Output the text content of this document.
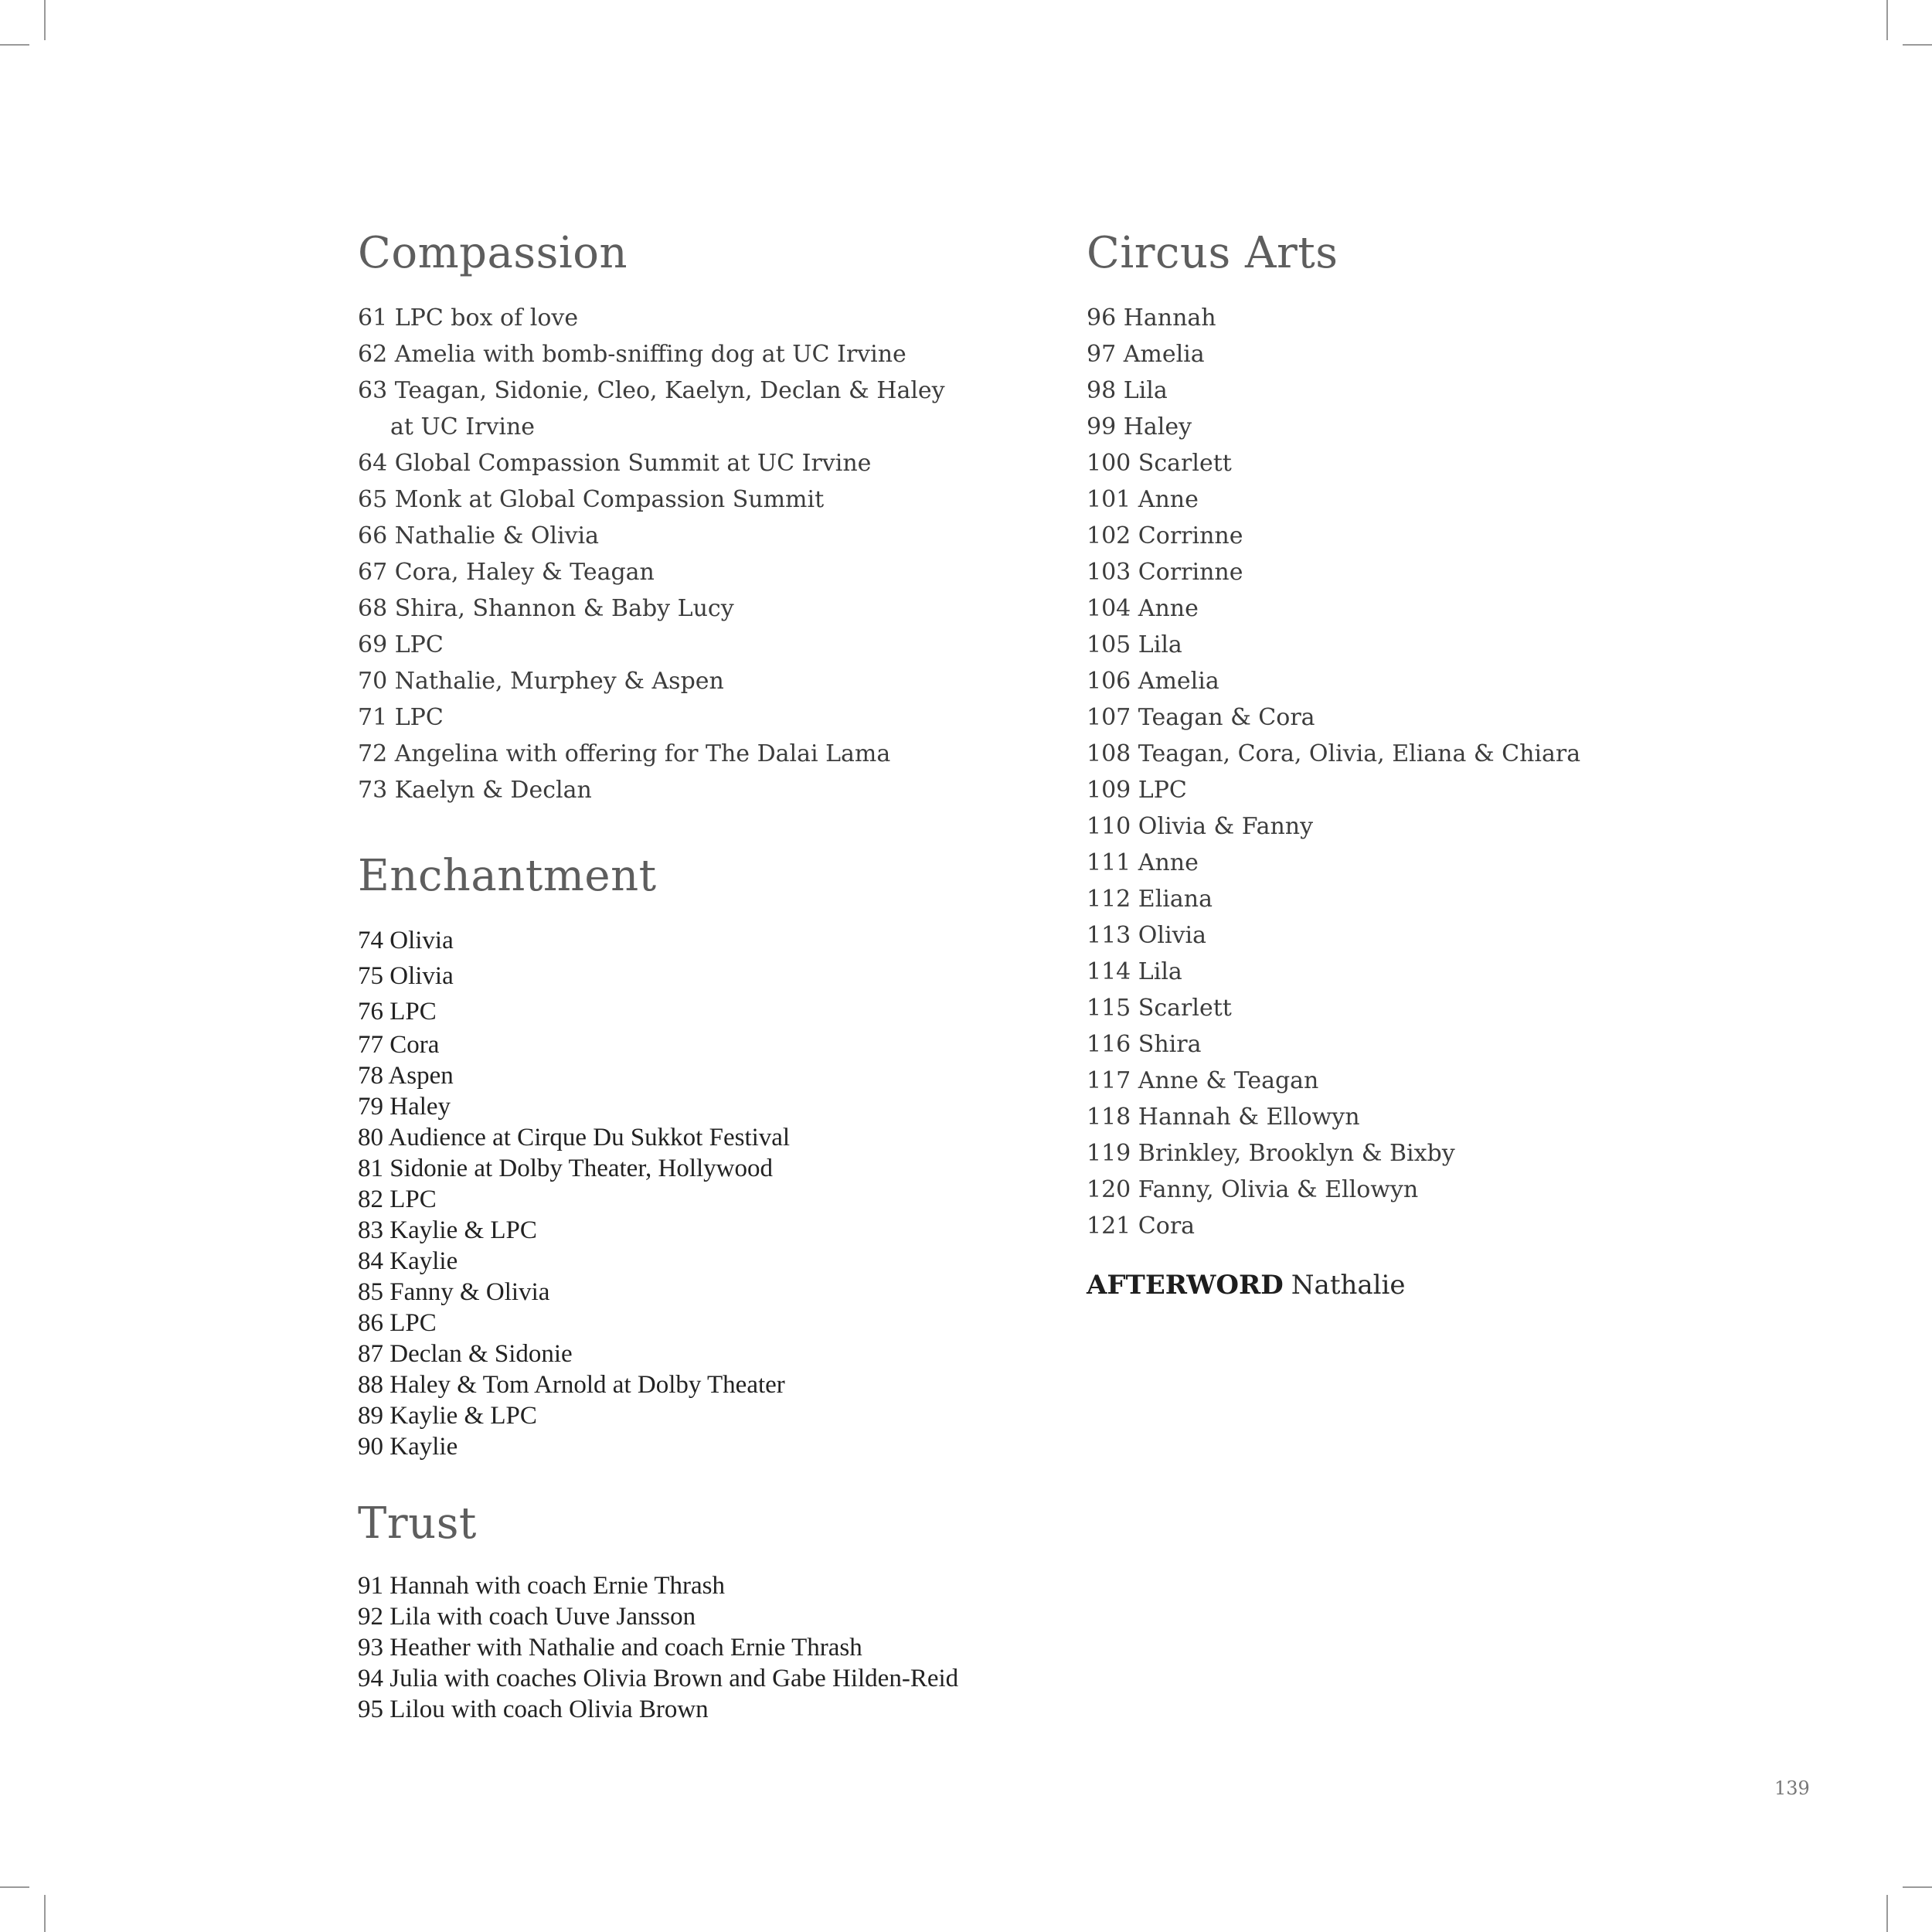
Compassion
61 LPC box of love
62 Amelia with bomb-sniffing dog at UC Irvine
63 Teagan, Sidonie, Cleo, Kaelyn, Declan & Haley
at UC Irvine
64 Global Compassion Summit at UC Irvine
65 Monk at Global Compassion Summit
66 Nathalie & Olivia
67 Cora, Haley & Teagan
68 Shira, Shannon & Baby Lucy
69 LPC
70 Nathalie, Murphey & Aspen
71 LPC
72 Angelina with offering for The Dalai Lama
73 Kaelyn & Declan
Enchantment
74 Olivia
75 Olivia
76 LPC
77 Cora
78 Aspen
79 Haley
80 Audience at Cirque Du Sukkot Festival
81 Sidonie at Dolby Theater, Hollywood
82 LPC
83 Kaylie & LPC
84 Kaylie
85 Fanny & Olivia
86 LPC
87 Declan & Sidonie
88 Haley & Tom Arnold at Dolby Theater
89 Kaylie & LPC
90 Kaylie
Trust
91 Hannah with coach Ernie Thrash
92 Lila with coach Uuve Jansson
93 Heather with Nathalie and coach Ernie Thrash
94 Julia with coaches Olivia Brown and Gabe Hilden-Reid
95 Lilou with coach Olivia Brown
Circus Arts
96 Hannah
97 Amelia
98 Lila
99 Haley
100 Scarlett
101 Anne
102 Corrinne
103 Corrinne
104 Anne
105 Lila
106 Amelia
107 Teagan & Cora
108 Teagan, Cora, Olivia, Eliana & Chiara
109 LPC
110 Olivia & Fanny
111 Anne
112 Eliana
113 Olivia
114 Lila
115 Scarlett
116 Shira
117 Anne & Teagan
118 Hannah & Ellowyn
119 Brinkley, Brooklyn & Bixby
120 Fanny, Olivia & Ellowyn
121 Cora
AFTERWORD Nathalie
139
